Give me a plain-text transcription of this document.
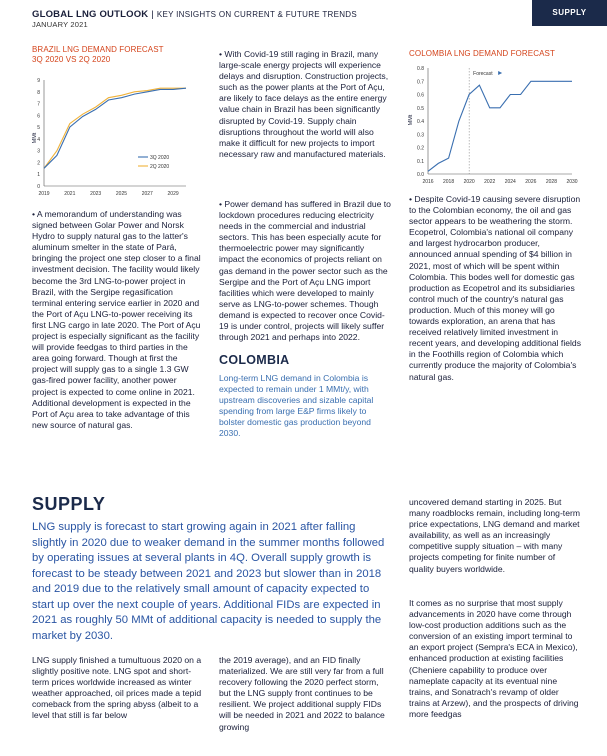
GLOBAL LNG OUTLOOK | KEY INSIGHTS ON CURRENT & FUTURE TRENDS
JANUARY 2021
SUPPLY
BRAZIL LNG DEMAND FORECAST
3Q 2020 VS 2Q 2020
MMt
0
1
2
3
4
5
6
7
8
9
2019	2021	2023	2025	2027	2029
3Q 2020
2Q 2020
COLOMBIA LNG DEMAND FORECAST
MMt
0.0
0.1
0.2
0.3
0.4
0.5
0.6
0.7
0.8
2016 2018 2020 2022 2024 2026 2028 2030
Forecast
• A memorandum of understanding was signed between Golar Power and Norsk Hydro to supply natural gas to the latter's aluminum smelter in the state of Pará, bringing the project one step closer to a final investment decision. The facility would likely become the 3rd LNG-to-power project in Brazil, with the Sergipe regasification terminal entering service earlier in 2020 and the Port of Açu LNG-to-power receiving its first LNG cargo in late 2020. The Port of Açu project is especially significant as the facility will provide feedgas to third parties in the area going forward. Though at first the project will supply gas to a single 1.3 GW gas-fired power facility, another power project is expected to come online in 2021. Additional development is expected in the Port of Açu area to take advantage of this new source of natural gas.
• With Covid-19 still raging in Brazil, many large-scale energy projects will experience delays and disruption. Construction projects, such as the power plants at the Port of Açu, are likely to face delays as the entire energy value chain in Brazil has been significantly disrupted by Covid-19. Supply chain disruptions throughout the world will also make it difficult for new projects to import necessary raw and manufactured materials.
• Power demand has suffered in Brazil due to lockdown procedures reducing electricity needs in the commercial and industrial sectors. This has been especially acute for thermoelectric power may significantly impact the economics of projects reliant on gas demand in the power sector such as the Sergipe and the Port of Açu LNG import facilities which were developed to mainly serve as LNG-to-power schemes. Though demand is expected to recover once Covid-19 is under control, projects will likely suffer through 2021 and perhaps into 2022.
COLOMBIA
Long-term LNG demand in Colombia is expected to remain under 1 MMt/y, with upstream discoveries and sizable capital spending from large E&P firms likely to bolster domestic gas production beyond 2030.
• Despite Covid-19 causing severe disruption to the Colombian economy, the oil and gas sector appears to be weathering the storm. Ecopetrol, Colombia's national oil company and largest hydrocarbon producer, announced annual spending of $4 billion in 2021, most of which will be spent within Colombia. This bodes well for domestic gas production as Ecopetrol and its subsidiaries control much of the country's natural gas production. Much of this money will go towards exploration, an arena that has received relatively limited investment in recent years, and developing additional fields in the Foothills region of Colombia which currently produce the majority of Colombia's natural gas.
SUPPLY
LNG supply is forecast to start growing again in 2021 after falling slightly in 2020 due to weaker demand in the summer months followed by operating issues at several plants in 4Q. Overall supply growth is forecast to be steady between 2021 and 2023 but slower than in 2018 and 2019 due to the relatively small amount of capacity expected to start up over the next couple of years. Additional FIDs are expected in 2021 as roughly 50 MMt of additional capacity is needed to supply the market by 2030.
LNG supply finished a tumultuous 2020 on a slightly positive note. LNG spot and short-term prices worldwide increased as winter weather approached, oil prices made a tepid comeback from the spring abyss (albeit to a level that still is far below
the 2019 average), and an FID finally materialized. We are still very far from a full recovery following the 2020 perfect storm, but the LNG supply front continues to be resilient. We project additional supply FIDs will be needed in 2021 and 2022 to balance growing
uncovered demand starting in 2025. But many roadblocks remain, including long-term price expectations, LNG demand and market availability, as well as an increasingly competitive supply situation – with many projects competing for finite number of quality buyers worldwide.
It comes as no surprise that most supply advancements in 2020 have come through low-cost production additions such as the conversion of an existing import terminal to an export project (Sempra's ECA in Mexico), enhanced production at existing facilities (Cheniere capability to produce over nameplate capacity at its eventual nine trains, and Sonatrach's revamp of older trains at Arzew), and the prospects of driving more feedgas
